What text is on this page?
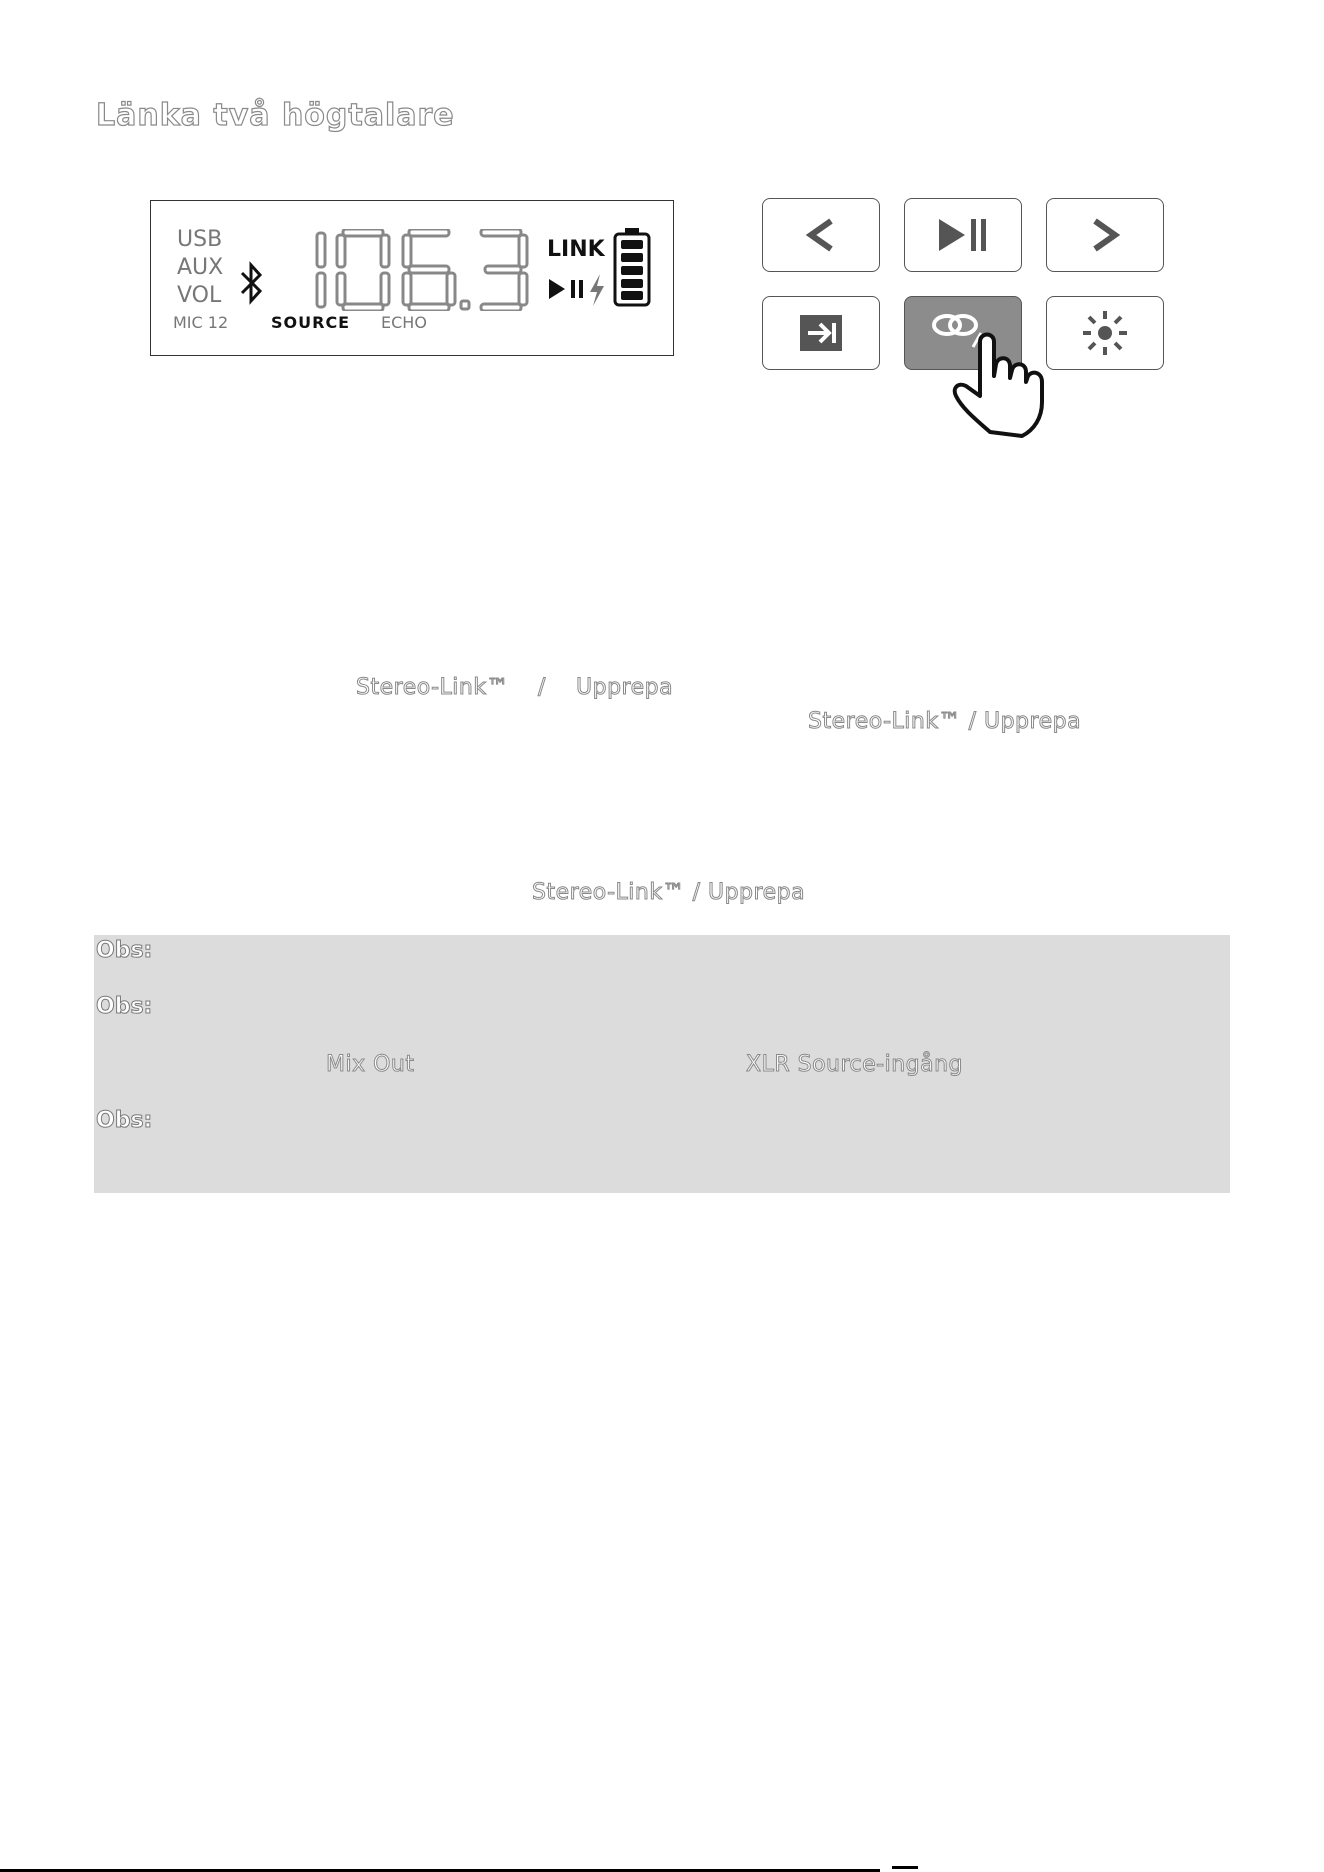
Länka två högtalare
USB
AUX
VOL
MIC 12	SOURCE ECHO
LINK
Stereo-Link™ / Upprepa
Stereo-Link™ / Upprepa
Stereo-Link™ / Upprepa
Obs:
Obs:
Mix Out	XLR Source-ingång
Obs:
